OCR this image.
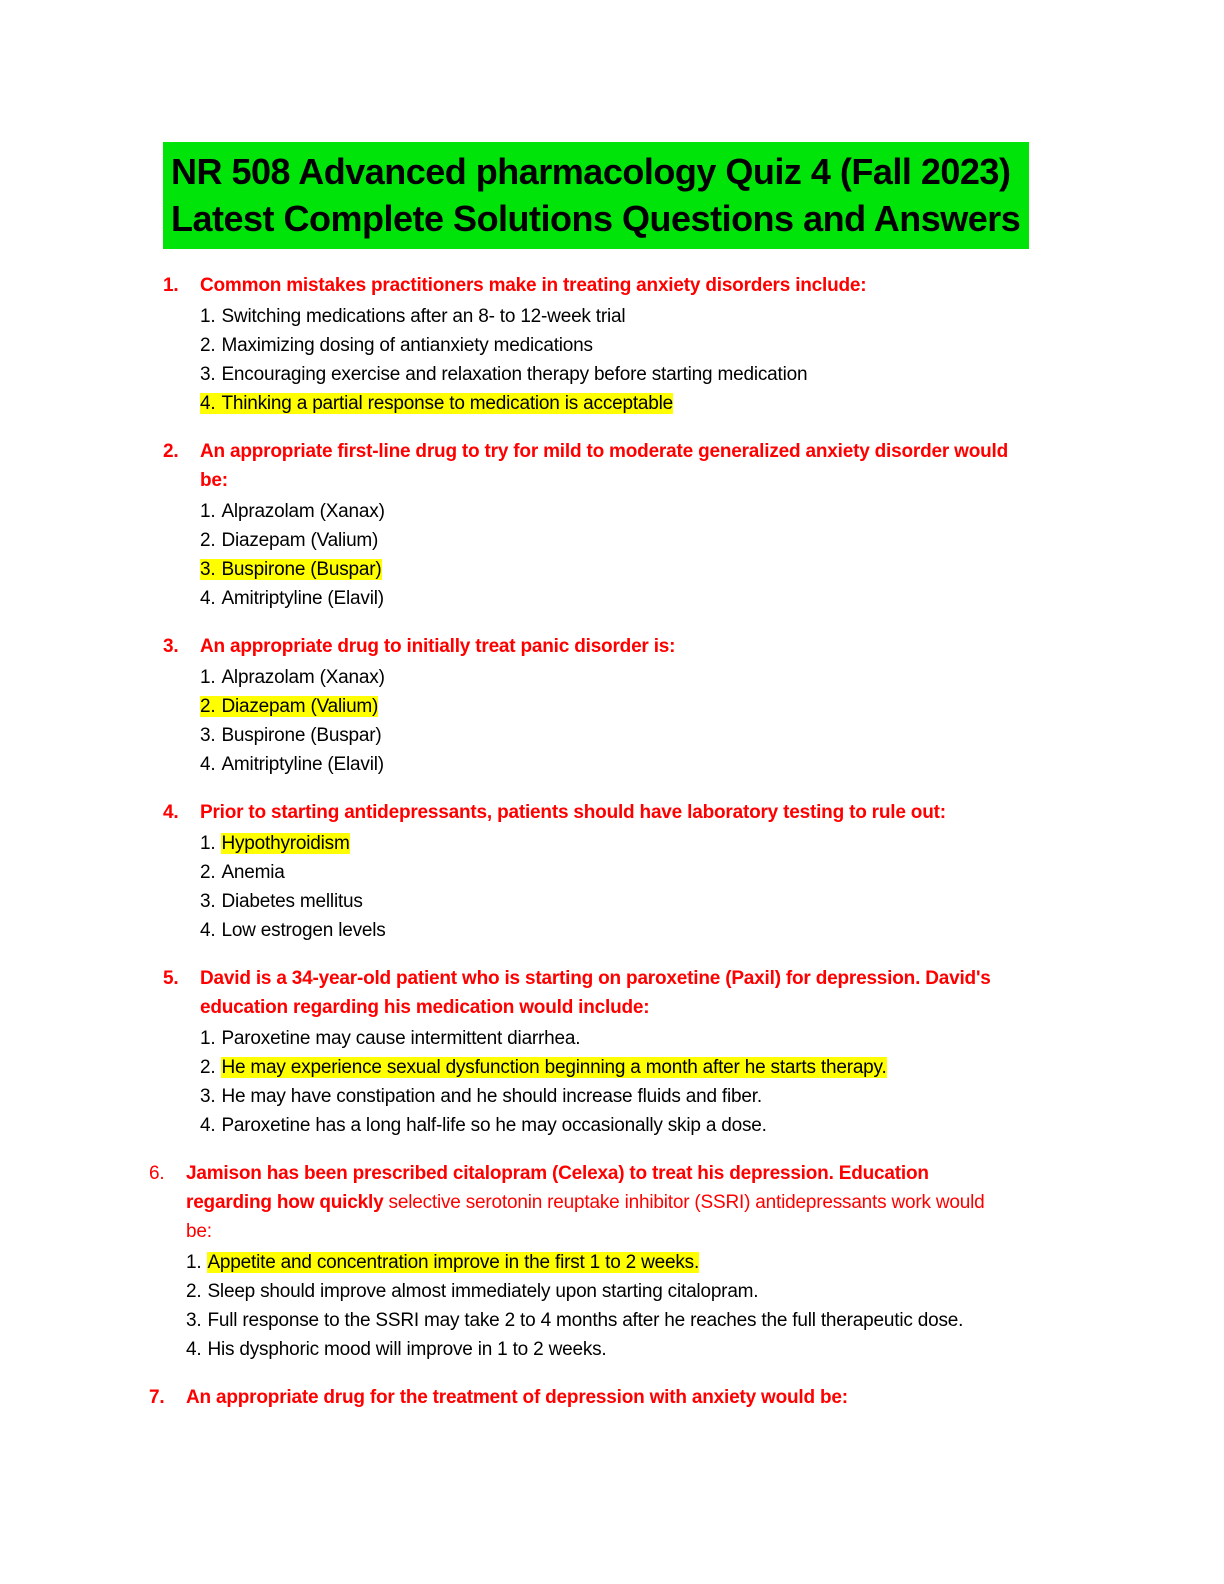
NR 508 Advanced pharmacology Quiz 4 (Fall 2023)
Latest Complete Solutions Questions and Answers
1.	Common mistakes practitioners make in treating anxiety disorders include:
1. Switching medications after an 8- to 12-week trial
2. Maximizing dosing of antianxiety medications
3. Encouraging exercise and relaxation therapy before starting medication
4. Thinking a partial response to medication is acceptable
2.	An appropriate first-line drug to try for mild to moderate generalized anxiety disorder would be:
1. Alprazolam (Xanax)
2. Diazepam (Valium)
3. Buspirone (Buspar)
4. Amitriptyline (Elavil)
3.	An appropriate drug to initially treat panic disorder is:
1. Alprazolam (Xanax)
2. Diazepam (Valium)
3. Buspirone (Buspar)
4. Amitriptyline (Elavil)
4.	Prior to starting antidepressants, patients should have laboratory testing to rule out:
1. Hypothyroidism
2. Anemia
3. Diabetes mellitus
4. Low estrogen levels
5.	David is a 34-year-old patient who is starting on paroxetine (Paxil) for depression. David's education regarding his medication would include:
1. Paroxetine may cause intermittent diarrhea.
2. He may experience sexual dysfunction beginning a month after he starts therapy.
3. He may have constipation and he should increase fluids and fiber.
4. Paroxetine has a long half-life so he may occasionally skip a dose.
6.	Jamison has been prescribed citalopram (Celexa) to treat his depression. Education regarding how quickly selective serotonin reuptake inhibitor (SSRI) antidepressants work would be:
1. Appetite and concentration improve in the first 1 to 2 weeks.
2. Sleep should improve almost immediately upon starting citalopram.
3. Full response to the SSRI may take 2 to 4 months after he reaches the full therapeutic dose.
4. His dysphoric mood will improve in 1 to 2 weeks.
7.	An appropriate drug for the treatment of depression with anxiety would be:
